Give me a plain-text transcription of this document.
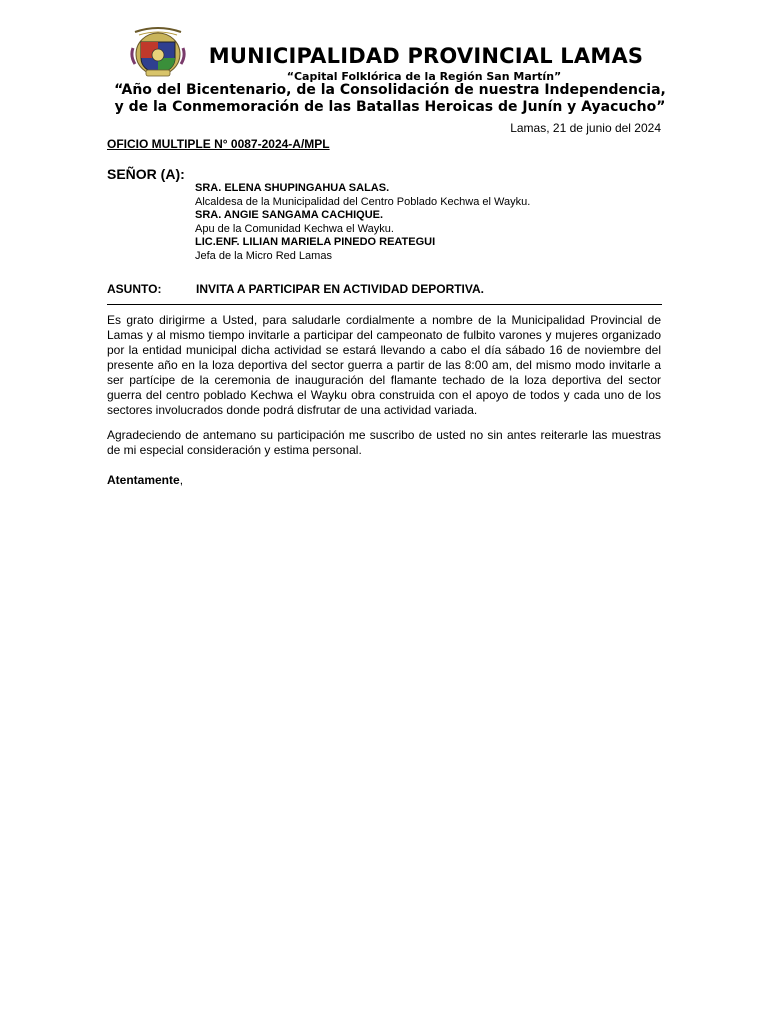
MUNICIPALIDAD PROVINCIAL LAMAS
“Capital Folklórica de la Región San Martín”
“Año del Bicentenario, de la Consolidación de nuestra Independencia,
y de la Conmemoración de las Batallas Heroicas de Junín y Ayacucho”
Lamas, 21 de junio del 2024
OFICIO MULTIPLE N° 0087-2024-A/MPL
SEÑOR (A):
SRA. ELENA SHUPINGAHUA SALAS.
Alcaldesa de la Municipalidad del Centro Poblado Kechwa el Wayku.
SRA. ANGIE SANGAMA CACHIQUE.
Apu de la Comunidad Kechwa el Wayku.
LIC.ENF. LILIAN MARIELA PINEDO REATEGUI
Jefa de la Micro Red Lamas
ASUNTO:	INVITA A PARTICIPAR EN ACTIVIDAD DEPORTIVA.
Es grato dirigirme a Usted, para saludarle cordialmente a nombre de la Municipalidad Provincial de Lamas y al mismo tiempo invitarle a participar del campeonato de fulbito varones y mujeres organizado por la entidad municipal dicha actividad se estará llevando a cabo el día sábado 16 de noviembre del presente año en la loza deportiva del sector guerra a partir de las 8:00 am, del mismo modo invitarle a ser partícipe de la ceremonia de inauguración del flamante techado de la loza deportiva del sector guerra del centro poblado Kechwa el Wayku obra construida con el apoyo de todos y cada uno de los sectores involucrados donde podrá disfrutar de una actividad variada.
Agradeciendo de antemano su participación me suscribo de usted no sin antes reiterarle las muestras de mi especial consideración y estima personal.
Atentamente,
